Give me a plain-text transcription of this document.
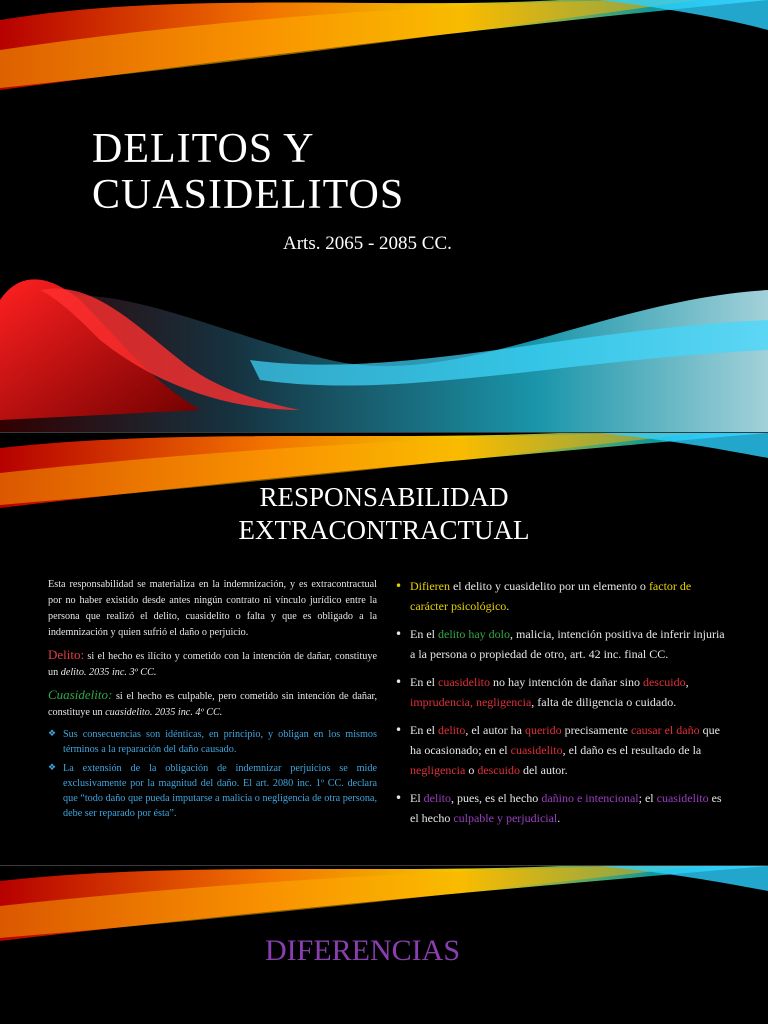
DELITOS Y
CUASIDELITOS
Arts. 2065 - 2085 CC.
RESPONSABILIDAD
EXTRACONTRACTUAL

Esta responsabilidad se materializa en la indemnización, y es extracontractual por no haber existido desde antes ningún contrato ni vínculo jurídico entre la persona que realizó el delito, cuasidelito o falta y que es obligado a la indemnización y quien sufrió el daño o perjuicio.

Delito: si el hecho es ilícito y cometido con la intención de dañar, constituye un delito. 2035 inc. 3º CC.

Cuasidelito: si el hecho es culpable, pero cometido sin intención de dañar, constituye un cuasidelito. 2035 inc. 4º CC.

❖ Sus consecuencias son idénticas, en principio, y obligan en los mismos términos a la reparación del daño causado.
❖ La extensión de la obligación de indemnizar perjuicios se mide exclusivamente por la magnitud del daño. El art. 2080 inc. 1º CC. declara que “todo daño que pueda imputarse a malicia o negligencia de otra persona, debe ser reparado por ésta”.
• Difieren el delito y cuasidelito por un elemento o factor de carácter psicológico.
• En el delito hay dolo, malicia, intención positiva de inferir injuria a la persona o propiedad de otro, art. 42 inc. final CC.
• En el cuasidelito no hay intención de dañar sino descuido, imprudencia, negligencia, falta de diligencia o cuidado.
• En el delito, el autor ha querido precisamente causar el daño que ha ocasionado; en el cuasidelito, el daño es el resultado de la negligencia o descuido del autor.
• El delito, pues, es el hecho dañino e intencional; el cuasidelito es el hecho culpable y perjudicial.
DIFERENCIAS
